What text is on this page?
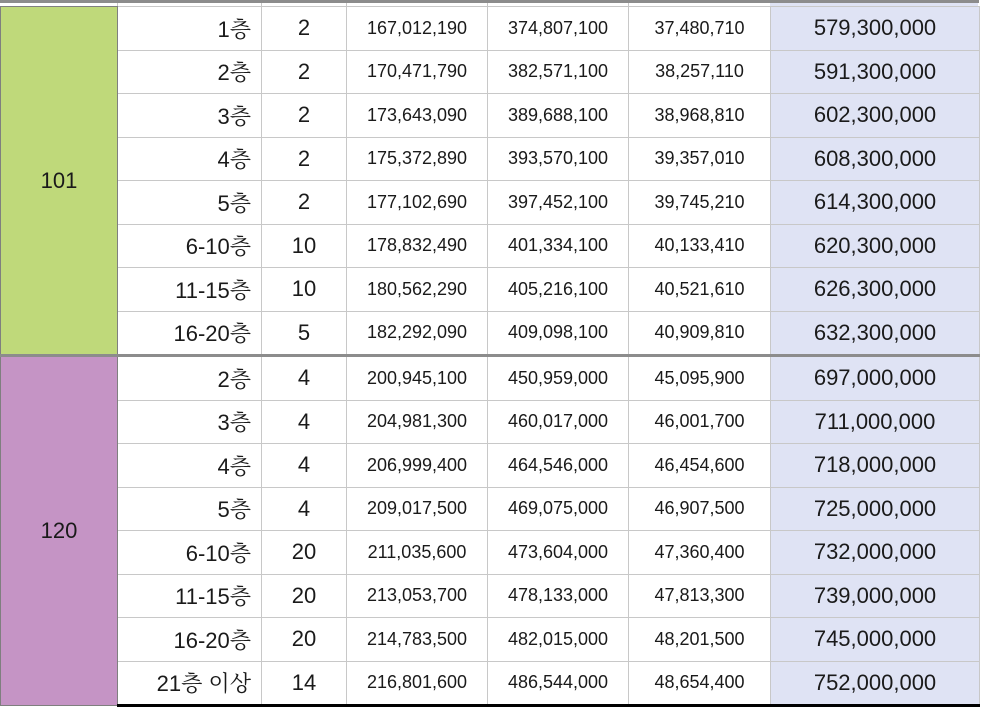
101	1층	2	167,012,190	374,807,100	37,480,710	579,300,000
	2층	2	170,471,790	382,571,100	38,257,110	591,300,000
	3층	2	173,643,090	389,688,100	38,968,810	602,300,000
	4층	2	175,372,890	393,570,100	39,357,010	608,300,000
	5층	2	177,102,690	397,452,100	39,745,210	614,300,000
	6-10층	10	178,832,490	401,334,100	40,133,410	620,300,000
	11-15층	10	180,562,290	405,216,100	40,521,610	626,300,000
	16-20층	5	182,292,090	409,098,100	40,909,810	632,300,000
120	2층	4	200,945,100	450,959,000	45,095,900	697,000,000
	3층	4	204,981,300	460,017,000	46,001,700	711,000,000
	4층	4	206,999,400	464,546,000	46,454,600	718,000,000
	5층	4	209,017,500	469,075,000	46,907,500	725,000,000
	6-10층	20	211,035,600	473,604,000	47,360,400	732,000,000
	11-15층	20	213,053,700	478,133,000	47,813,300	739,000,000
	16-20층	20	214,783,500	482,015,000	48,201,500	745,000,000
	21층 이상	14	216,801,600	486,544,000	48,654,400	752,000,000
